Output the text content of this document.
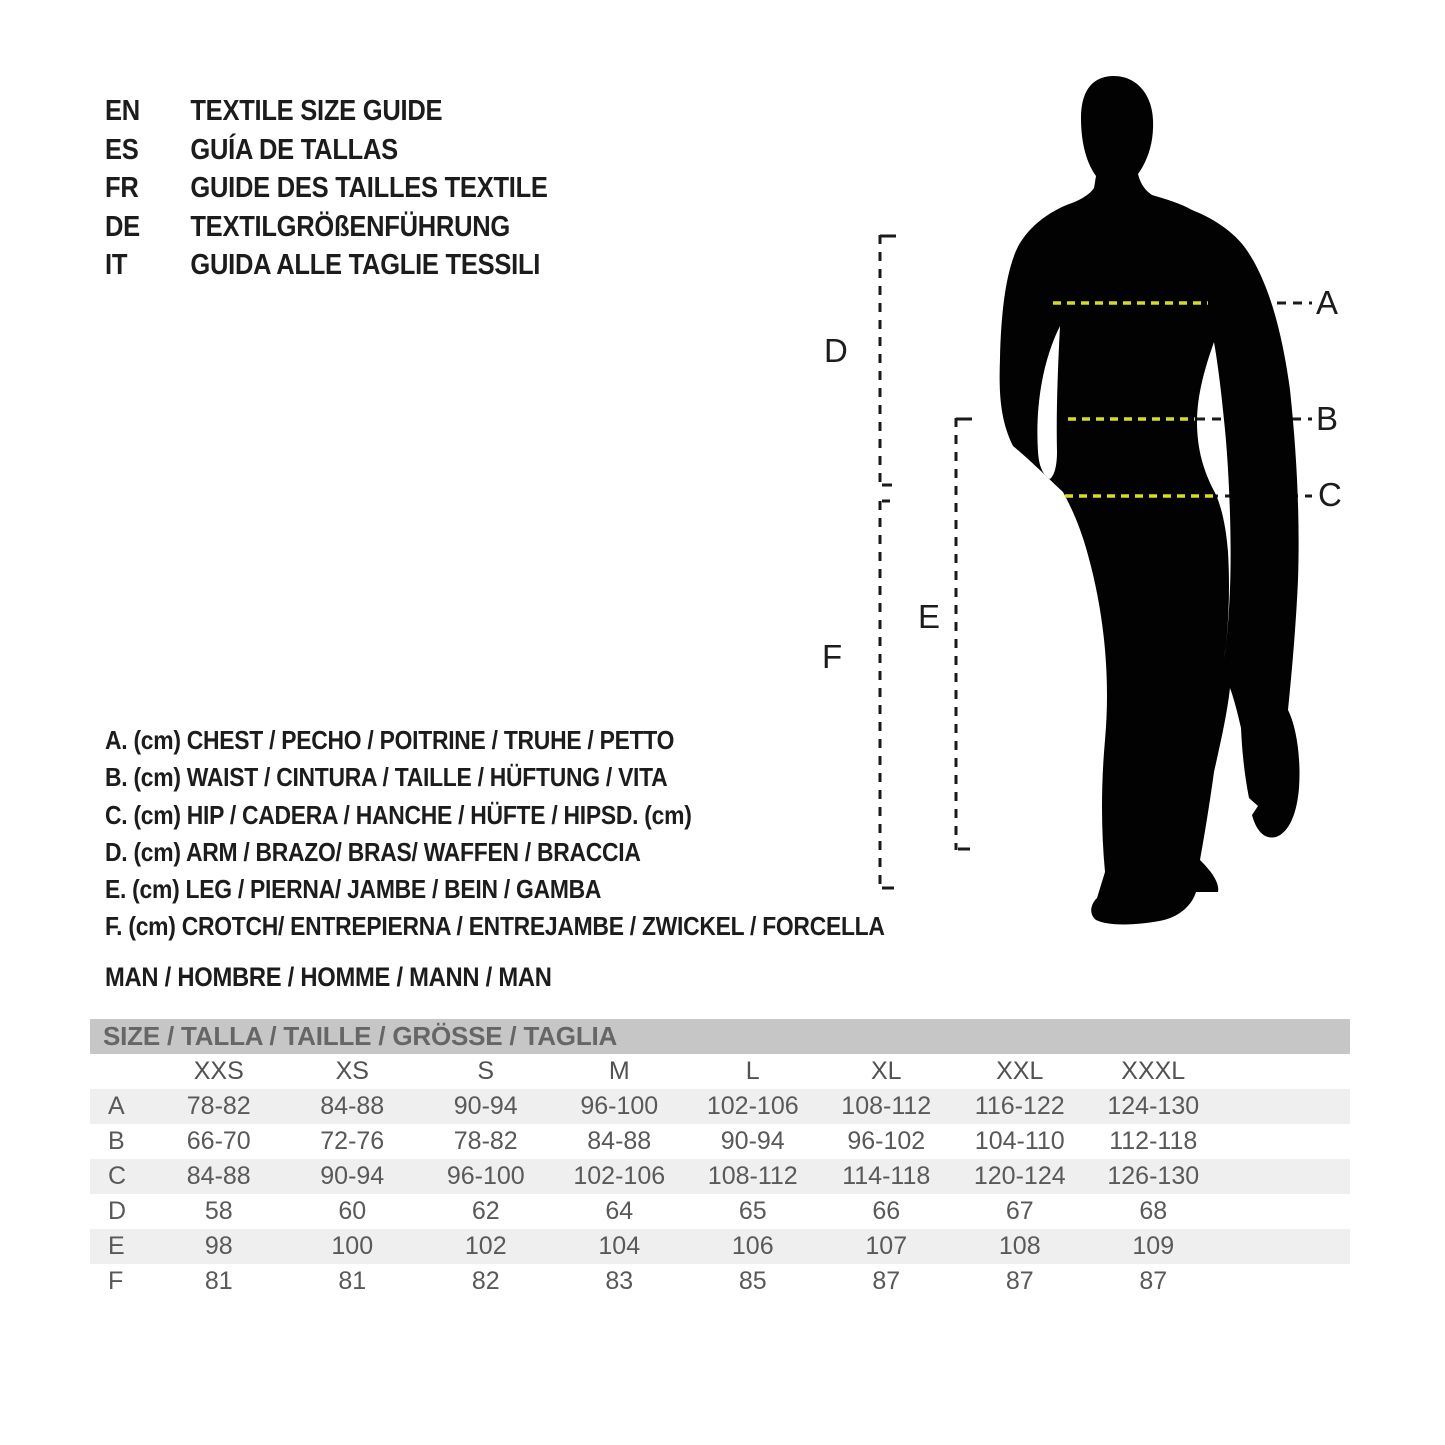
EN	TEXTILE SIZE GUIDE
ES	GUÍA DE TALLAS
FR	GUIDE DES TAILLES TEXTILE
DE	TEXTILGRÖßENFÜHRUNG
IT	GUIDA ALLE TAGLIE TESSILI
A. (cm) CHEST / PECHO / POITRINE / TRUHE / PETTO
B. (cm) WAIST / CINTURA / TAILLE / HÜFTUNG / VITA
C. (cm) HIP / CADERA / HANCHE / HÜFTE / HIPSD. (cm)
D. (cm) ARM / BRAZO/ BRAS/ WAFFEN / BRACCIA
E. (cm) LEG / PIERNA/ JAMBE / BEIN / GAMBA
F. (cm) CROTCH/ ENTREPIERNA / ENTREJAMBE / ZWICKEL / FORCELLA
MAN / HOMBRE / HOMME / MANN / MAN
A
B
C
D
E
F
SIZE / TALLA / TAILLE / GRÖSSE / TAGLIA
XXS	XS	S	M	L	XL	XXL	XXXL
A	78-82	84-88	90-94	96-100	102-106	108-112	116-122	124-130
B	66-70	72-76	78-82	84-88	90-94	96-102	104-110	112-118
C	84-88	90-94	96-100	102-106	108-112	114-118	120-124	126-130
D	58	60	62	64	65	66	67	68
E	98	100	102	104	106	107	108	109
F	81	81	82	83	85	87	87	87
